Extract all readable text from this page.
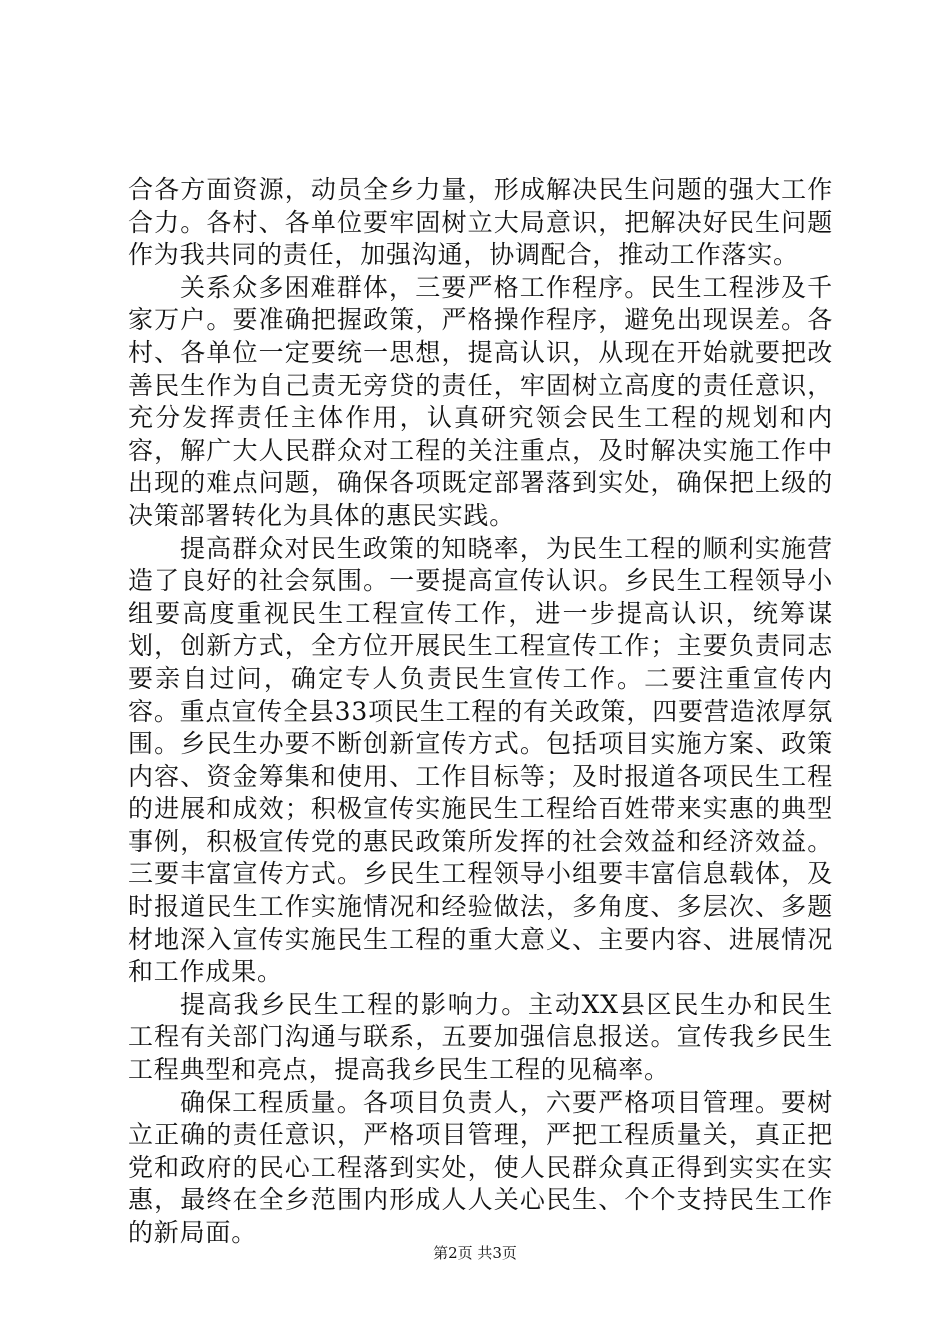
合各方面资源，动员全乡力量，形成解决民生问题的强大工作合力。各村、各单位要牢固树立大局意识，把解决好民生问题作为我共同的责任，加强沟通，协调配合，推动工作落实。

关系众多困难群体，三要严格工作程序。民生工程涉及千家万户。要准确把握政策，严格操作程序，避免出现误差。各村、各单位一定要统一思想，提高认识，从现在开始就要把改善民生作为自己责无旁贷的责任，牢固树立高度的责任意识，充分发挥责任主体作用，认真研究领会民生工程的规划和内容，解广大人民群众对工程的关注重点，及时解决实施工作中出现的难点问题，确保各项既定部署落到实处，确保把上级的决策部署转化为具体的惠民实践。

提高群众对民生政策的知晓率，为民生工程的顺利实施营造了良好的社会氛围。一要提高宣传认识。乡民生工程领导小组要高度重视民生工程宣传工作，进一步提高认识，统筹谋划，创新方式，全方位开展民生工程宣传工作；主要负责同志要亲自过问，确定专人负责民生宣传工作。二要注重宣传内容。重点宣传全县33项民生工程的有关政策，四要营造浓厚氛围。乡民生办要不断创新宣传方式。包括项目实施方案、政策内容、资金筹集和使用、工作目标等；及时报道各项民生工程的进展和成效；积极宣传实施民生工程给百姓带来实惠的典型事例，积极宣传党的惠民政策所发挥的社会效益和经济效益。三要丰富宣传方式。乡民生工程领导小组要丰富信息载体，及时报道民生工作实施情况和经验做法，多角度、多层次、多题材地深入宣传实施民生工程的重大意义、主要内容、进展情况和工作成果。

提高我乡民生工程的影响力。主动XX县区民生办和民生工程有关部门沟通与联系，五要加强信息报送。宣传我乡民生工程典型和亮点，提高我乡民生工程的见稿率。

确保工程质量。各项目负责人，六要严格项目管理。要树立正确的责任意识，严格项目管理，严把工程质量关，真正把党和政府的民心工程落到实处，使人民群众真正得到实实在实惠，最终在全乡范围内形成人人关心民生、个个支持民生工作的新局面。

第2页 共3页
